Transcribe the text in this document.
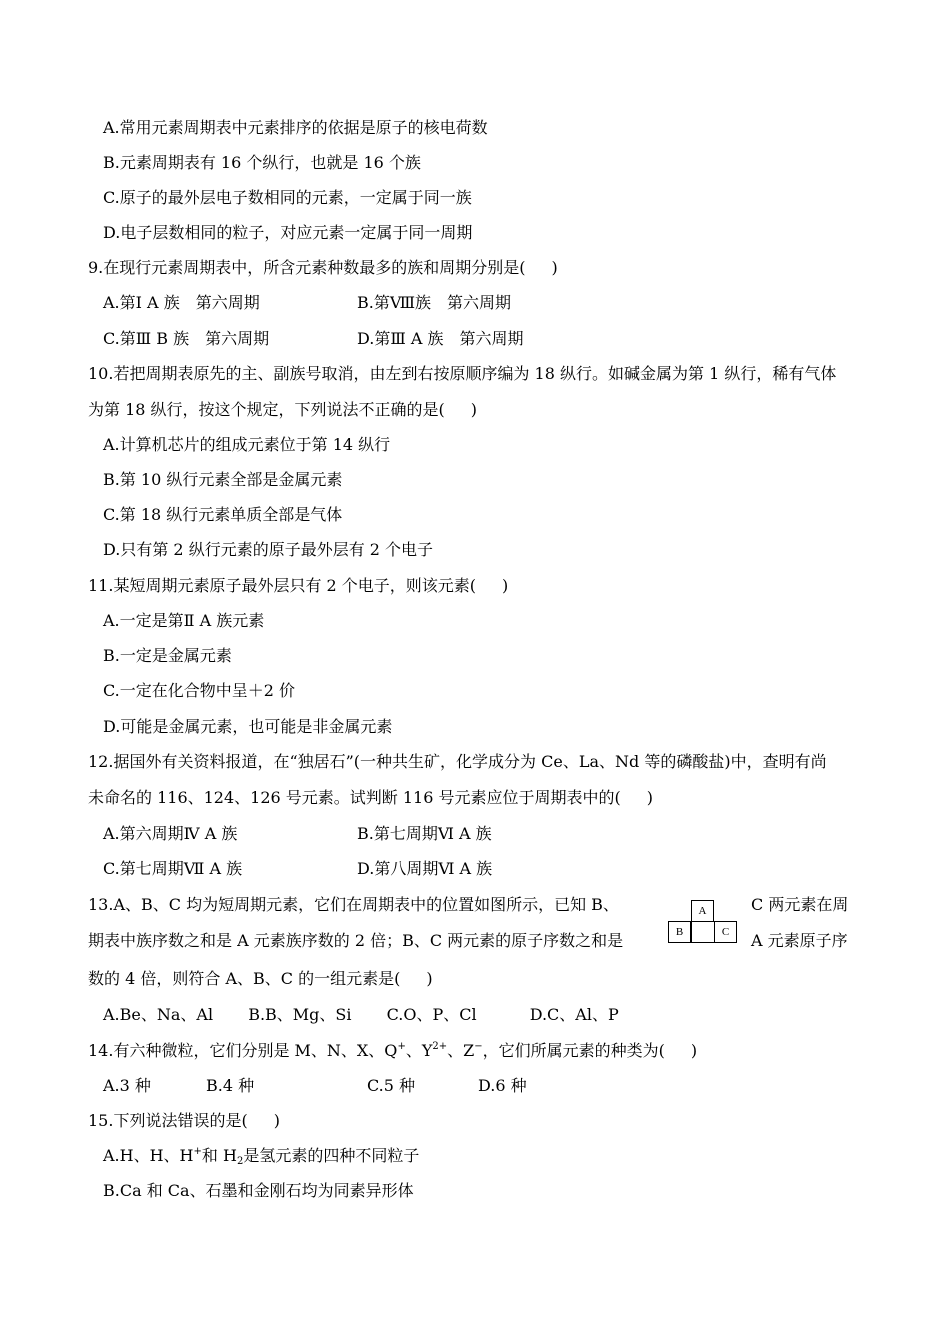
A.常用元素周期表中元素排序的依据是原子的核电荷数
B.元素周期表有 16 个纵行，也就是 16 个族
C.原子的最外层电子数相同的元素，一定属于同一族
D.电子层数相同的粒子，对应元素一定属于同一周期
9.在现行元素周期表中，所含元素种数最多的族和周期分别是( )
A.第Ⅰ A 族　第六周期	B.第Ⅷ族　第六周期
C.第Ⅲ B 族　第六周期	D.第Ⅲ A 族　第六周期
10.若把周期表原先的主、副族号取消，由左到右按原顺序编为 18 纵行。如碱金属为第 1 纵行，稀有气体
为第 18 纵行，按这个规定，下列说法不正确的是( )
A.计算机芯片的组成元素位于第 14 纵行
B.第 10 纵行元素全部是金属元素
C.第 18 纵行元素单质全部是气体
D.只有第 2 纵行元素的原子最外层有 2 个电子
11.某短周期元素原子最外层只有 2 个电子，则该元素( )
A.一定是第Ⅱ A 族元素
B.一定是金属元素
C.一定在化合物中呈＋2 价
D.可能是金属元素，也可能是非金属元素
12.据国外有关资料报道，在“独居石”(一种共生矿，化学成分为 Ce、La、Nd 等的磷酸盐)中，查明有尚
未命名的 116、124、126 号元素。试判断 116 号元素应位于周期表中的( )
A.第六周期Ⅳ A 族	B.第七周期Ⅵ A 族
C.第七周期Ⅶ A 族	D.第八周期Ⅵ A 族
13.A、B、C 均为短周期元素，它们在周期表中的位置如图所示，已知 B、	C 两元素在周
期表中族序数之和是 A 元素族序数的 2 倍；B、C 两元素的原子序数之和是	A 元素原子序
数的 4 倍，则符合 A、B、C 的一组元素是( )
A
B	C
A.Be、Na、Al B.B、Mg、Si C.O、P、Cl	D.C、Al、P
14.有六种微粒，它们分别是 M、N、X、Q+、$Y^{2+}$、Z−，它们所属元素的种类为( )
A.3 种	B.4 种	C.5 种	D.6 种
15.下列说法错误的是( )
A.H、H、H+和 $H_2$是氢元素的四种不同粒子
B.Ca 和 Ca、石墨和金刚石均为同素异形体
